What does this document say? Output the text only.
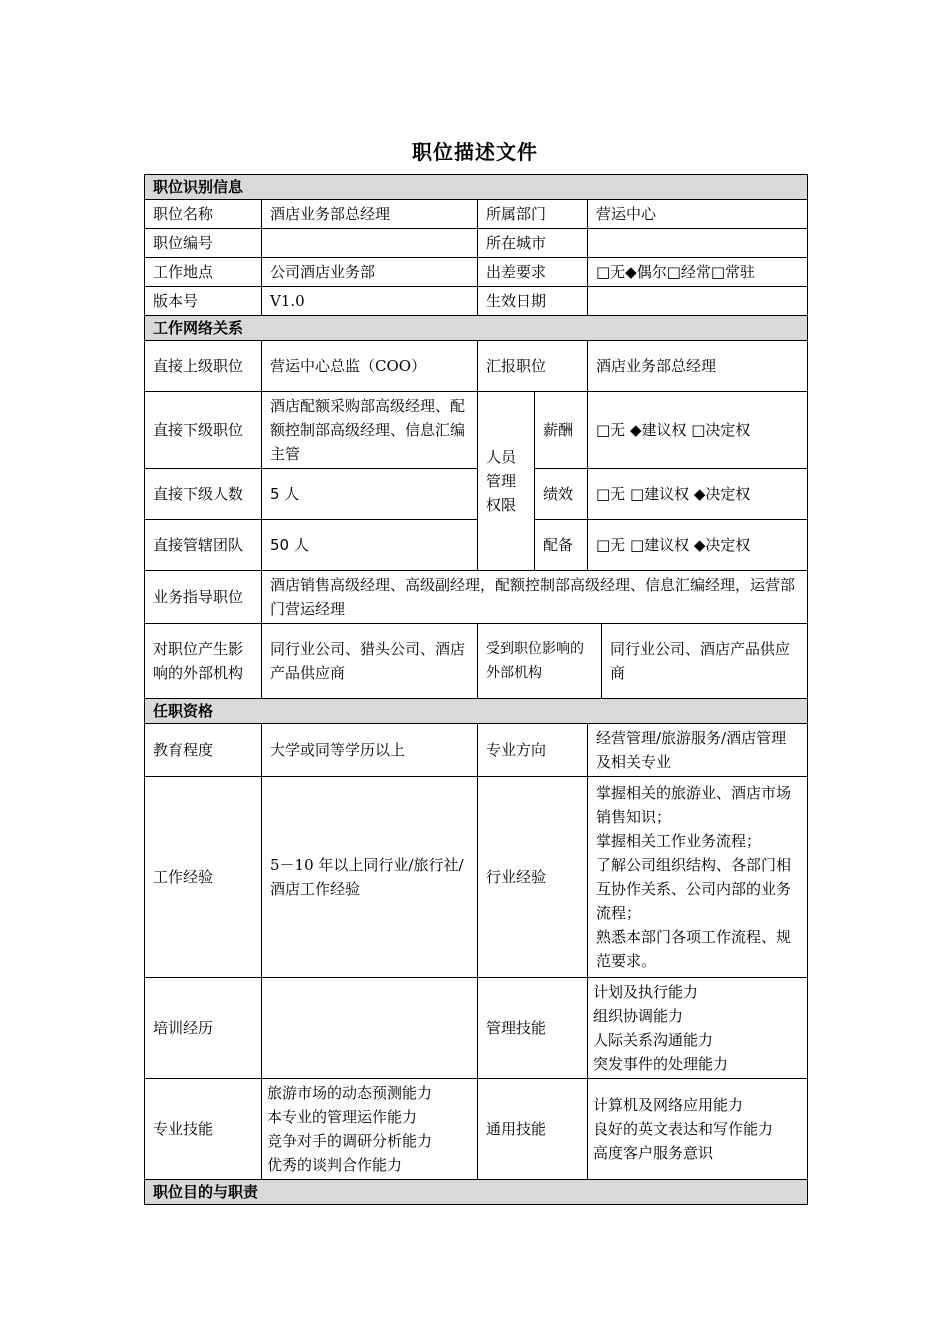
职位描述文件
职位识别信息					
职位名称	酒店业务部总经理	所属部门		营运中心	
职位编号		所在城市			
工作地点	公司酒店业务部	出差要求		□无◆偶尔□经常□常驻	
版本号	V1.0	生效日期			
工作网络关系					
直接上级职位	营运中心总监（COO）	汇报职位		酒店业务部总经理	
直接下级职位	酒店配额采购部高级经理、配额控制部高级经理、信息汇编主管	人员管理权限	薪酬	□无 ◆建议权 □决定权	
直接下级人数	5 人		绩效	□无 □建议权 ◆决定权	
直接管辖团队	50 人		配备	□无 □建议权 ◆决定权	
业务指导职位	酒店销售高级经理、高级副经理，配额控制部高级经理、信息汇编经理，运营部门营运经理				
对职位产生影响的外部机构	同行业公司、猎头公司、酒店产品供应商	受到职位影响的外部机构			同行业公司、酒店产品供应商
任职资格					
教育程度	大学或同等学历以上	专业方向		经营管理/旅游服务/酒店管理及相关专业	
工作经验	5－10 年以上同行业/旅行社/酒店工作经验	行业经验		掌握相关的旅游业、酒店市场销售知识；
掌握相关工作业务流程；
了解公司组织结构、各部门相互协作关系、公司内部的业务流程；
熟悉本部门各项工作流程、规范要求。	

培训经历		管理技能		计划及执行能力
组织协调能力
人际关系沟通能力
突发事件的处理能力	

专业技能	旅游市场的动态预测能力
本专业的管理运作能力
竞争对手的调研分析能力
优秀的谈判合作能力	通用技能		计算机及网络应用能力
良好的英文表达和写作能力
高度客户服务意识	

职位目的与职责					
